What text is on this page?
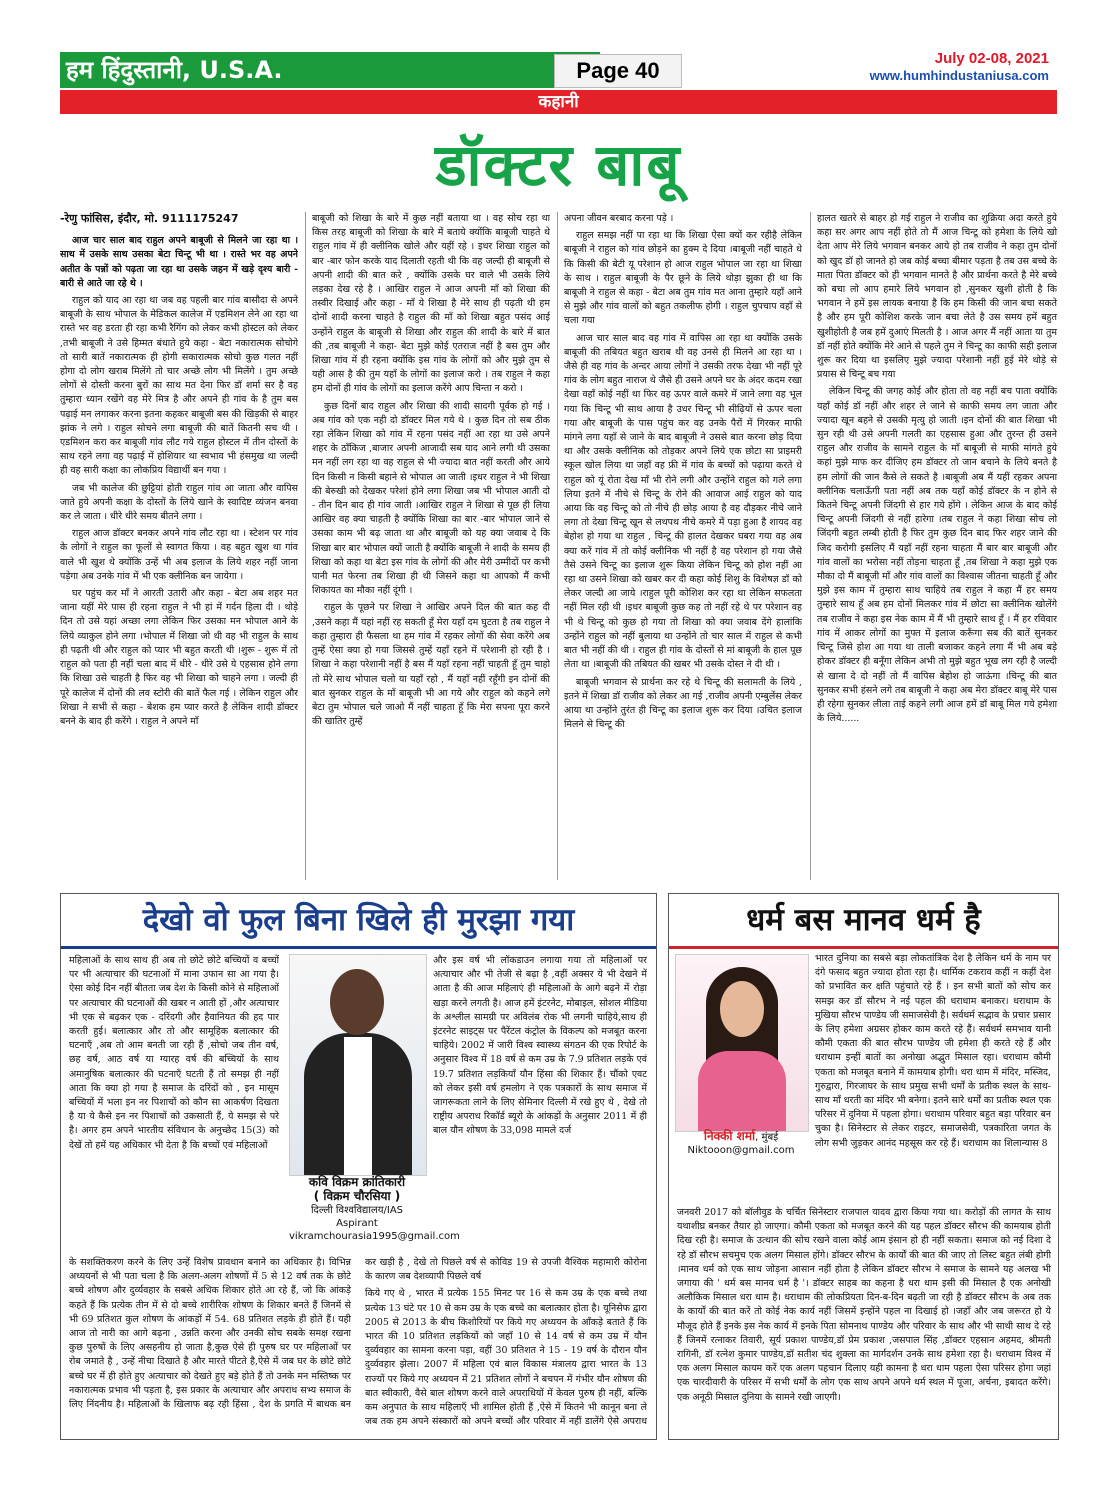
हम हिंदुस्तानी, U.S.A.	Page 40	July 02-08, 2021
www.humhindustaniusa.com
कहानी
डॉक्टर बाबू

-रेणु फांसिस, इंदौर, मो. 9111175247

आज चार साल बाद राहुल अपने बाबूजी से मिलने जा रहा था । साथ में उसके साथ उसका बेटा चिन्टू भी था । रास्ते भर वह अपने अतीत के पन्नों को पढ़ता जा रहा था उसके जहन में खड़े दृश्य बारी - बारी से आते जा रहे थे ।

राहुल को याद आ रहा था जब वह पहली बार गांव बासौदा से अपने बाबूजी के साथ भोपाल के मेडिकल कालेज में एडमिशन लेने आ रहा था रास्ते भर वह डरता ही रहा कभी रैगिंग को लेकर कभी होस्टल को लेकर ,तभी बाबूजी ने उसे हिम्मत बंधाते हुये कहा - बेटा नकारात्मक सोचोगे तो सारी बातें नकारात्मक ही होगी सकारात्मक सोचो कुछ गलत नहीं होगा दो लोग खराब मिलेंगे तो चार अच्छे लोग भी मिलेंगे । तुम अच्छे लोगों से दोस्ती करना बुरों का साथ मत देना फिर डॉ शर्मा सर है वह तुम्हारा ध्यान रखेंगे वह मेरे मित्र है और अपने ही गांव के है तुम बस पढ़ाई मन लगाकर करना इतना कहकर बाबूजी बस की खिड़की से बाहर झांक ने लगे । राहुल सोचने लगा बाबूजी की बातें कितनी सच थी । एडमिशन करा कर बाबूजी गांव लौट गये राहुल होस्टल में तीन दोस्तों के साथ रहने लगा वह पढ़ाई में होशियार था स्वभाव भी हंसमुख था जल्दी ही वह सारी कक्षा का लोकप्रिय विद्यार्थी बन गया ।

जब भी कालेज की छुट्टियां होती राहुल गांव आ जाता और वापिस जाते हुये अपनी कक्षा के दोस्तों के लिये खाने के स्वादिष्ट व्यंजन बनवा कर ले जाता । धीरे धीरे समय बीतने लगा ।

राहुल आज डॉक्टर बनकर अपने गांव लौट रहा था । स्टेशन पर गांव के लोगों ने राहुल का फूलों से स्वागत किया । वह बहुत खुश था गांव वाले भी खुश थे क्योंकि उन्हें भी अब इलाज के लिये शहर नहीं जाना पड़ेगा अब उनके गांव में भी एक क्लीनिक बन जायेगा ।

घर पहुंच कर माँ ने आरती उतारी और कहा - बेटा अब शहर मत जाना यहीं मेरे पास ही रहना राहुल ने भी हां में गर्दन हिला दी । थोड़े दिन तो उसे यहां अच्छा लगा लेकिन फिर उसका मन भोपाल आने के लिये व्याकुल होने लगा ।भोपाल में शिखा जो थी वह भी राहुल के साथ ही पढ़ती थी और राहुल को प्यार भी बहुत करती थी ।शुरू - शुरू में तो राहुल को पता ही नहीं चला बाद में धीरे - धीरे उसे ये एहसास होने लगा कि शिखा उसे चाहती है फिर वह भी शिखा को चाहने लगा । जल्दी ही पूरे कालेज में दोनों की लव स्टोरी की बातें फैल गई । लेकिन राहुल और शिखा ने सभी से कहा - बेशक हम प्यार करते है लेकिन शादी डॉक्टर बनने के बाद ही करेंगे । राहुल ने अपने माँ

बाबूजी को शिखा के बारे में कुछ नहीं बताया था । वह सोच रहा था किस तरह बाबूजी को शिखा के बारे में बताये क्योंकि बाबूजी चाहते थे राहुल गांव में ही क्लीनिक खोले और यहीं रहे । इधर शिखा राहुल को बार -बार फोन करके याद दिलाती रहती थी कि वह जल्दी ही बाबूजी से अपनी शादी की बात करे , क्योंकि उसके घर वाले भी उसके लिये लड़का देख रहे है । आखिर राहुल ने आज अपनी माँ को शिखा की तस्वीर दिखाई और कहा - माँ ये शिखा है मेरे साथ ही पढ़ती थी हम दोनों शादी करना चाहते है राहुल की माँ को शिखा बहुत पसंद आई उन्होंने राहुल के बाबूजी से शिखा और राहुल की शादी के बारे में बात की ,तब बाबूजी ने कहा- बेटा मुझे कोई एतराज नहीं है बस तुम और शिखा गांव में ही रहना क्योंकि इस गांव के लोगों को और मुझे तुम से यही आस है की तुम यहाँ के लोगों का इलाज करो । तब राहुल ने कहा हम दोनों ही गांव के लोगों का इलाज करेंगे आप चिन्ता न करो ।

कुछ दिनों बाद राहुल और शिखा की शादी सादगी पूर्वक हो गई । अब गांव को एक नही दो डॉक्टर मिल गये थे । कुछ दिन तो सब ठीक रहा लेकिन शिखा को गांव में रहना पसंद नहीं आ रहा था उसे अपने शहर के ठाँकिज ,बाजार अपनी आजादी सब याद आने लगी थी उसका मन नहीं लग रहा था वह राहुल से भी ज्यादा बात नहीं करती और आये दिन किसी न किसी बहाने से भोपाल आ जाती ।इधर राहुल ने भी शिखा की बेरुखी को देखकर परेशां होने लगा शिखा जब भी भोपाल आती दो - तीन दिन बाद ही गांव जाती ।आखिर राहुल ने शिखा से पूछ ही लिया आखिर वह क्या चाहती है क्योंकि शिखा का बार -बार भोपाल जाने से उसका काम भी बढ़ जाता था और बाबूजी को यह क्या जवाब दे कि शिखा बार बार भोपाल क्यों जाती है क्योंकि बाबूजी ने शादी के समय ही शिखा को कहा था बेटा इस गांव के लोगों की और मेरी उम्मीदों पर कभी पानी मत फेरना तब शिखा ही थी जिसने कहा था आपको मैं कभी शिकायत का मौका नहीं दूंगी ।

राहुल के पूछने पर शिखा ने आखिर अपने दिल की बात कह दी ,उसने कहा मैं यहां नहीं रह सकती हूँ मेरा यहाँ दम घुटता है तब राहुल ने कहा तुम्हारा ही फैसला था हम गांव में रहकर लोगों की सेवा करेंगे अब तुम्हें ऐसा क्या हो गया जिससे तुम्हें यहाँ रहने में परेशानी हो रही है ।शिखा ने कहा परेशानी नहीं है बस मैं यहाँ रहना नहीं चाहती हूँ तुम चाहो तो मेरे साथ भोपाल चलो या यहाँ रहो , मैं यहाँ नहीं रहूँगी इन दोनों की बात सुनकर राहुल के माँ बाबूजी भी आ गये और राहुल को कहने लगे बेटा तुम भोपाल चले जाओ मैं नहीं चाहता हूँ कि मेरा सपना पूरा करने की खातिर तुम्हें

अपना जीवन बरबाद करना पड़े ।

राहुल समझ नहीं पा रहा था कि शिखा ऐसा क्यों कर रहीहै लेकिन बाबूजी ने राहुल को गांव छोड़ने का हुक्म दे दिया ।बाबूजी नहीं चाहते थे कि किसी की बेटी यू परेशान हो आज राहुल भोपाल जा रहा था शिखा के साथ । राहुल बाबूजी के पैर छूने के लिये थोड़ा झुका ही था कि बाबूजी ने राहुल से कहा - बेटा अब तुम गांव मत आना तुम्हारे यहाँ आने से मुझे और गांव वालों को बहुत तकलीफ होगी । राहुल चुपचाप वहाँ से चला गया

आज चार साल बाद वह गांव में वापिस आ रहा था क्योंकि उसके बाबूजी की तबियत बहुत खराब थी वह उनसे ही मिलने आ रहा था ।जैसे ही वह गांव के अन्दर आया लोगों ने उसकी तरफ देखा भी नहीं पूरे गांव के लोग बहुत नाराज थे जैसे ही उसने अपने घर के अंदर कदम रखा देखा वहाँ कोई नहीं था फिर वह ऊपर वाले कमरे में जाने लगा वह भूल गया कि चिन्टू भी साथ आया है उधर चिन्टू भी सीढ़ियों से ऊपर चला गया और बाबूजी के पास पहुंच कर वह उनके पैरों में गिरकर माफी मांगने लगा यहाँ से जाने के बाद बाबूजी ने उससे बात करना छोड़ दिया था और उसके क्लीनिक को तोड़कर अपने लिये एक छोटा सा प्राइमरी स्कूल खोल लिया था जहाँ वह फ्री में गांव के बच्चों को पढ़ाया करते थे राहुल को यूं रोता देख माँ भी रोने लगी और उन्होंने राहुल को गले लगा लिया इतने में नीचे से चिन्टू के रोने की आवाज आई राहुल को याद आया कि वह चिन्टू को तो नीचे ही छोड़ आया है वह दौड़कर नीचे जाने लगा तो देखा चिन्टू खून से लथपथ नीचे कमरे में पड़ा हुआ है शायद वह बेहोश हो गया था राहुल , चिन्टू की हालत देखकर घबरा गया वह अब क्या करें गांव में तो कोई क्लीनिक भी नहीं है वह परेशान हो गया जैसे तैसे उसने चिन्टू का इलाज शुरू किया लेकिन चिन्टू को होश नहीं आ रहा था उसने शिखा को खबर कर दी कहा कोई शिशु के विशेषज्ञ डॉ को लेकर जल्दी आ जाये ।राहुल पूरी कोशिश कर रहा था लेकिन सफलता नहीं मिल रही थी ।इधर बाबूजी कुछ कह तो नहीं रहे थे पर परेशान वह भी थे चिन्टू को कुछ हो गया तो शिखा को क्या जवाब देंगे हालांकि उन्होंने राहुल को नहीं बुलाया था उन्होंने तो चार साल में राहुल से कभी बात भी नहीं की थी । राहुल ही गांव के दोस्तों से मां बाबूजी के हाल पूछ लेता था ।बाबूजी की तबियत की खबर भी उसके दोस्त ने दी थी ।

बाबूजी भगवान से प्रार्थना कर रहे थे चिन्टू की सलामती के लिये , इतने में शिखा डॉ राजीव को लेकर आ गई ,राजीव अपनी एम्बुलेंस लेकर आया था उन्होंने तुरंत ही चिन्टू का इलाज शुरू कर दिया ।उचित इलाज मिलने से चिन्टू की

हालत खतरे से बाहर हो गई राहुल ने राजीव का शुक्रिया अदा करते हुये कहा सर अगर आप नहीं होते तो मैं आज चिन्टू को हमेशा के लिये खो देता आप मेरे लिये भगवान बनकर आये हो तब राजीव ने कहा तुम दोनों को खुद डॉ हो जानते हो जब कोई बच्चा बीमार पड़ता है तब उस बच्चे के माता पिता डॉक्टर को ही भगवान मानते है और प्रार्थना करते है मेरे बच्चे को बचा लो आप हमारे लिये भगवान हो ,सुनकर खुशी होती है कि भगवान ने हमें इस लायक बनाया है कि हम किसी की जान बचा सकते है और हम पूरी कोशिश करके जान बचा लेते है उस समय हमें बहुत खुशीहोती है जब हमें दुआएं मिलती है । आज अगर मैं नहीं आता या तुम डॉ नहीं होते क्योंकि मेरे आने से पहले तुम ने चिन्टू का काफी सही इलाज शुरू कर दिया था इसलिए मुझे ज्यादा परेशानी नहीं हुई मेरे थोड़े से प्रयास से चिन्टू बच गया

लेकिन चिन्टू की जगह कोई और होता तो वह नहीं बच पाता क्योंकि यहाँ कोई डॉ नहीं और शहर ले जाने से काफी समय लग जाता और ज्यादा खून बहने से उसकी मृत्यु हो जाती ।इन दोनों की बात शिखा भी सुन रही थी उसे अपनी गलती का एहसास हुआ और तुरन्त ही उसने राहुल और राजीव के सामने राहुल के माँ बाबूजी से माफी मांगते हुये कहां मुझे माफ कर दीजिए हम डॉक्टर तो जान बचाने के लिये बनते है हम लोगों की जान कैसे ले सकते है ।बाबूजी अब मैं यहीं रहकर अपना क्लीनिक चलाऊँगी पता नहीं अब तक यहाँ कोई डॉक्टर के न होने से कितने चिन्टू अपनी जिंदगी से हार गये होंगे । लेकिन आज के बाद कोई चिन्टू अपनी जिंदगी से नहीं हारेगा ।तब राहुल ने कहा शिखा सोच लो जिंदगी बहुत लम्बी होती है फिर तुम कुछ दिन बाद फिर शहर जाने की जिद करोगी इसलिए मैं यहाँ नहीं रहना चाहता मैं बार बार बाबूजी और गांव वालों का भरोसा नहीं तोड़ना चाहता हूँ ,तब शिखा ने कहा मुझे एक मौका दो मैं बाबूजी माँ और गांव वालों का विश्वास जीतना चाहती हूँ और मुझे इस काम में तुम्हारा साथ चाहिये तब राहुल ने कहा मैं हर समय तुम्हारे साथ हूँ अब हम दोनों मिलकर गांव में छोटा सा क्लीनिक खोलेंगे तब राजीव ने कहा इस नेक काम में मैं भी तुम्हारे साथ हूँ । मैं हर रविवार गांव में आकर लोगों का मुफ्त में इलाज करूँगा सब की बातें सुनकर चिन्टू जिसे होश आ गया था ताली बजाकर कहने लगा मैं भी अब बड़े होकर डॉक्टर ही बनूँगा लेकिन अभी तो मुझे बहुत भूख लग रही है जल्दी से खाना दे दो नहीं तो मैं वापिस बेहोश हो जाऊंगा ।चिन्टू की बात सुनकर सभी हंसने लगे तब बाबूजी ने कहा अब मेरा डॉक्टर बाबू मेरे पास ही रहेगा सुनकर लीला ताई कहने लगी आज हमें डॉ बाबू मिल गये हमेशा के लिये......

देखो वो फुल बिना खिले ही मुरझा गया
महिलाओं के साथ साथ ही अब तो छोटे छोटे बच्चियों व बच्चों पर भी अत्याचार की घटनाओं में माना उफान सा आ गया है। ऐसा कोई दिन नहीं बीतता जब देश के किसी कोने से महिलाओं पर अत्याचार की घटनाओं की खबर न आती हों ,और अत्याचार भी एक से बढ़कर एक - दरिंदगी और हैवानियत की हद पार करती हुई। बलात्कार और तो और सामूहिक बलात्कार की घटनाएँ ,अब तो आम बनती जा रही हैं ,सोचो जब तीन वर्ष, छह वर्ष, आठ वर्ष या ग्यारह वर्ष की बच्चियों के साथ अमानुषिक बलात्कार की घटनाएँ घटती हैं तो समझ ही नहीं आता कि क्या हो गया है समाज के दरिंदों को , इन मासूम बच्चियों में भला इन नर पिशाचों को कौन सा आकर्षण दिखता है या ये कैसे इन नर पिशाचों को उकसाती हैं, ये समझ से परे है। अगर हम अपने भारतीय संविधान के अनुच्छेद 15(3) को देखें तो हमें यह अधिकार भी देता है कि बच्चों एवं महिलाओं
कवि विक्रम क्रांतिकारी
( विक्रम चौरसिया )
दिल्ली विश्वविद्यालय/IAS Aspirant
vikramchourasia1995@gmail.com
और इस वर्ष भी लॉकडाउन लगाया गया तो महिलाओं पर अत्याचार और भी तेजी से बढ़ा है ,वहीं अक्सर ये भी देखने में आता है की आज महिलाएं ही महिलाओं के आगे बढ़ने में रोड़ा खड़ा करने लगती है। आज हमें इंटरनेट, मोबाइल, सोशल मीडिया के अश्लील सामग्री पर अविलंब रोक भी लगनी चाहिये,साथ ही इंटरनेट साइट्स पर पैरेंटल कंट्रोल के विकल्प को मजबूत करना चाहिये। 2002 में जारी विश्व स्वास्थ्य संगठन की एक रिपोर्ट के अनुसार विश्व में 18 वर्ष से कम उम्र के 7.9 प्रतिशत लड़के एवं 19.7 प्रतिशत लड़कियाँ यौन हिंसा की शिकार हैं। चौंको एवट को लेकर इसी वर्ष हमलोग ने एक पत्रकारों के साथ समाज में जागरूकता लाने के लिए सेमिनार दिल्ली में रखे हुए थे , देखे तो राष्ट्रीय अपराध रिकॉर्ड ब्यूरो के आंकड़ों के अनुसार 2011 में ही बाल यौन शोषण के 33,098 मामले दर्ज

के सशक्तिकरण करने के लिए उन्हें विशेष प्रावधान बनाने का अधिकार है। विभिन्न अध्ययनों से भी पता चला है कि अलग-अलग शोषणों में 5 से 12 वर्ष तक के छोटे बच्चे शोषण और दुर्व्यवहार के सबसे अधिक शिकार होते आ रहे हैं, जो कि आंकड़े कहते हैं कि प्रत्येक तीन में से दो बच्चे शारीरिक शोषण के शिकार बनते हैं जिनमें से भी 69 प्रतिशत कुल शोषण के आंकड़ों में 54. 68 प्रतिशत लड़के ही होते हैं। यही आज तो नारी का आगे बढ़ना , उन्नति करना और उनकी सोच सबके समक्ष रखना कुछ पुरुषों के लिए असहनीय हो जाता है,कुछ ऐसे ही पुरुष घर पर महिलाओं पर रोब जमाते है , उन्हें नीचा दिखाते है और मारते पीटते है,ऐसे में जब घर के छोटे छोटे बच्चे घर में ही होते हुए अत्याचार को देखते हुए बड़े होते हैं तो उनके मन मस्तिष्क पर नकारात्मक प्रभाव भी पड़ता है, इस प्रकार के अत्याचार और अपराध सभ्य समाज के लिए निंदनीय है। महिलाओं के खिलाफ बढ़ रही हिंसा , देश के प्रगति में बाधक बन कर खड़ी है , देखे तो पिछले वर्ष से कोविड 19 से उपजी वैश्विक महामारी कोरोना के कारण जब देशव्यापी पिछले वर्ष

किये गए थे , भारत में प्रत्येक 155 मिनट पर 16 से कम उम्र के एक बच्चे तथा प्रत्येक 13 घंटे पर 10 से कम उम्र के एक बच्चे का बलात्कार होता है। यूनिसेफ द्वारा 2005 से 2013 के बीच किशोरियों पर किये गए अध्ययन के आँकड़े बताते हैं कि भारत की 10 प्रतिशत लड़कियों को जहाँ 10 से 14 वर्ष से कम उम्र में यौन दुर्व्यवहार का सामना करना पड़ा, वहीं 30 प्रतिशत ने 15 - 19 वर्ष के दौरान यौन दुर्व्यवहार झेला। 2007 में महिला एवं बाल विकास मंत्रालय द्वारा भारत के 13 राज्यों पर किये गए अध्ययन में 21 प्रतिशत लोगों ने बचपन में गंभीर यौन शोषण की बात स्वीकारी, वैसे बाल शोषण करने वाले अपराधियों में केवल पुरुष ही नहीं, बल्कि कम अनुपात के साथ महिलाएँ भी शामिल होती हैं ,ऐसे में कितने भी कानून बना ले जब तक हम अपने संस्कारों को अपने बच्चों और परिवार में नहीं डालेंगे ऐसे अपराध

धर्म बस मानव धर्म है
निक्की शर्मा, मुंबई
Niktooon@gmail.com
भारत दुनिया का सबसे बड़ा लोकतांत्रिक देश है लेकिन धर्म के नाम पर दंगे फसाद बहुत ज्यादा होता रहा है। धार्मिक टकराव कहीं न कहीं देश को प्रभावित कर क्षति पहुंचाते रहे हैं । इन सभी बातों को सोच कर समझ कर डॉ सौरभ ने नई पहल की धराधाम बनाकर। धराधाम के मुखिया सौरभ पाण्डेय जी समाजसेवी है। सर्वधर्म सद्भाव के प्रचार प्रसार के लिए हमेशा अग्रसर होकर काम करते रहे हैं। सर्वधर्म समभाव यानी कौमी एकता की बात सौरभ पाण्डेय जी हमेशा ही करते रहे हैं और धराधाम इन्हीं बातों का अनोखा अद्भुत मिसाल रहा। धराधाम कौमी एकता को मजबूत बनाने में कामयाब होगी। धरा धाम में मंदिर, मस्जिद, गुरुद्वारा, गिरजाघर के साथ प्रमुख सभी धर्मों के प्रतीक स्थल के साथ-साथ माँ धरती का मंदिर भी बनेगा। इतने सारे धर्मों का प्रतीक स्थल एक परिसर में दुनिया में पहला होगा। धराधाम परिवार बहुत बड़ा परिवार बन चुका है। सिनेस्टार से लेकर राइटर, समाजसेवी, पत्रकारिता जगत के लोग सभी जुड़कर आनंद महसूस कर रहे हैं। धराधाम का शिलान्यास 8
जनवरी 2017 को बॉलीवुड के चर्चित सिनेस्टार राजपाल यादव द्वारा किया गया था। करोड़ों की लागत के साथ यथाशीघ्र बनकर तैयार हो जाएगा। कौमी एकता को मजबूत करने की यह पहल डॉक्टर सौरभ की कामयाब होती दिख रही है। समाज के उत्थान की सोच रखने वाला कोई आम इंसान हो ही नहीं सकता। समाज को नई दिशा दे रहे डॉ सौरभ सचमुच एक अलग मिसाल होंगे। डॉक्टर सौरभ के कार्यों की बात की जाए तो लिस्ट बहुत लंबी होगी ।मानव धर्म को एक साथ जोड़ना आसान नहीं होता है लेकिन डॉक्टर सौरभ ने समाज के सामने यह अलख भी जगाया की ' धर्म बस मानव धर्म है '। डॉक्टर साहब का कहना है धरा धाम इसी की मिसाल है एक अनोखी अलौकिक मिसाल धरा धाम है। धराधाम की लोकप्रियता दिन-ब-दिन बढ़ती जा रही है डॉक्टर सौरभ के अब तक के कार्यों की बात करें तो कोई नेक कार्य नहीं जिसमें इन्होंने पहल ना दिखाई हो ।जहाँ और जब जरूरत हो ये मौजूद होते हैं इनके इस नेक कार्य में इनके पिता सोमनाथ पाण्डेय और परिवार के साथ और भी साथी साथ दे रहे हैं जिनमें रत्नाकर तिवारी, सूर्य प्रकाश पाण्डेय,डॉ प्रेम प्रकाश ,जसपाल सिंह ,डॉक्टर एहसान अहमद, श्रीमती रागिनी, डॉ रत्नेश कुमार पाण्डेय,डॉ सतीश चंद शुक्ला का मार्गदर्शन उनके साथ हमेशा रहा है। धराधाम विश्व में एक अलग मिसाल कायम करें एक अलग पहचान दिलाए यही कामना है धरा धाम पहला ऐसा परिसर होगा जहां एक चारदीवारी के परिसर में सभी धर्मों के लोग एक साथ अपने अपने धर्म स्थल में पूजा, अर्चना, इबादत करेंगे। एक अनूठी मिसाल दुनिया के सामने रखी जाएगी।
